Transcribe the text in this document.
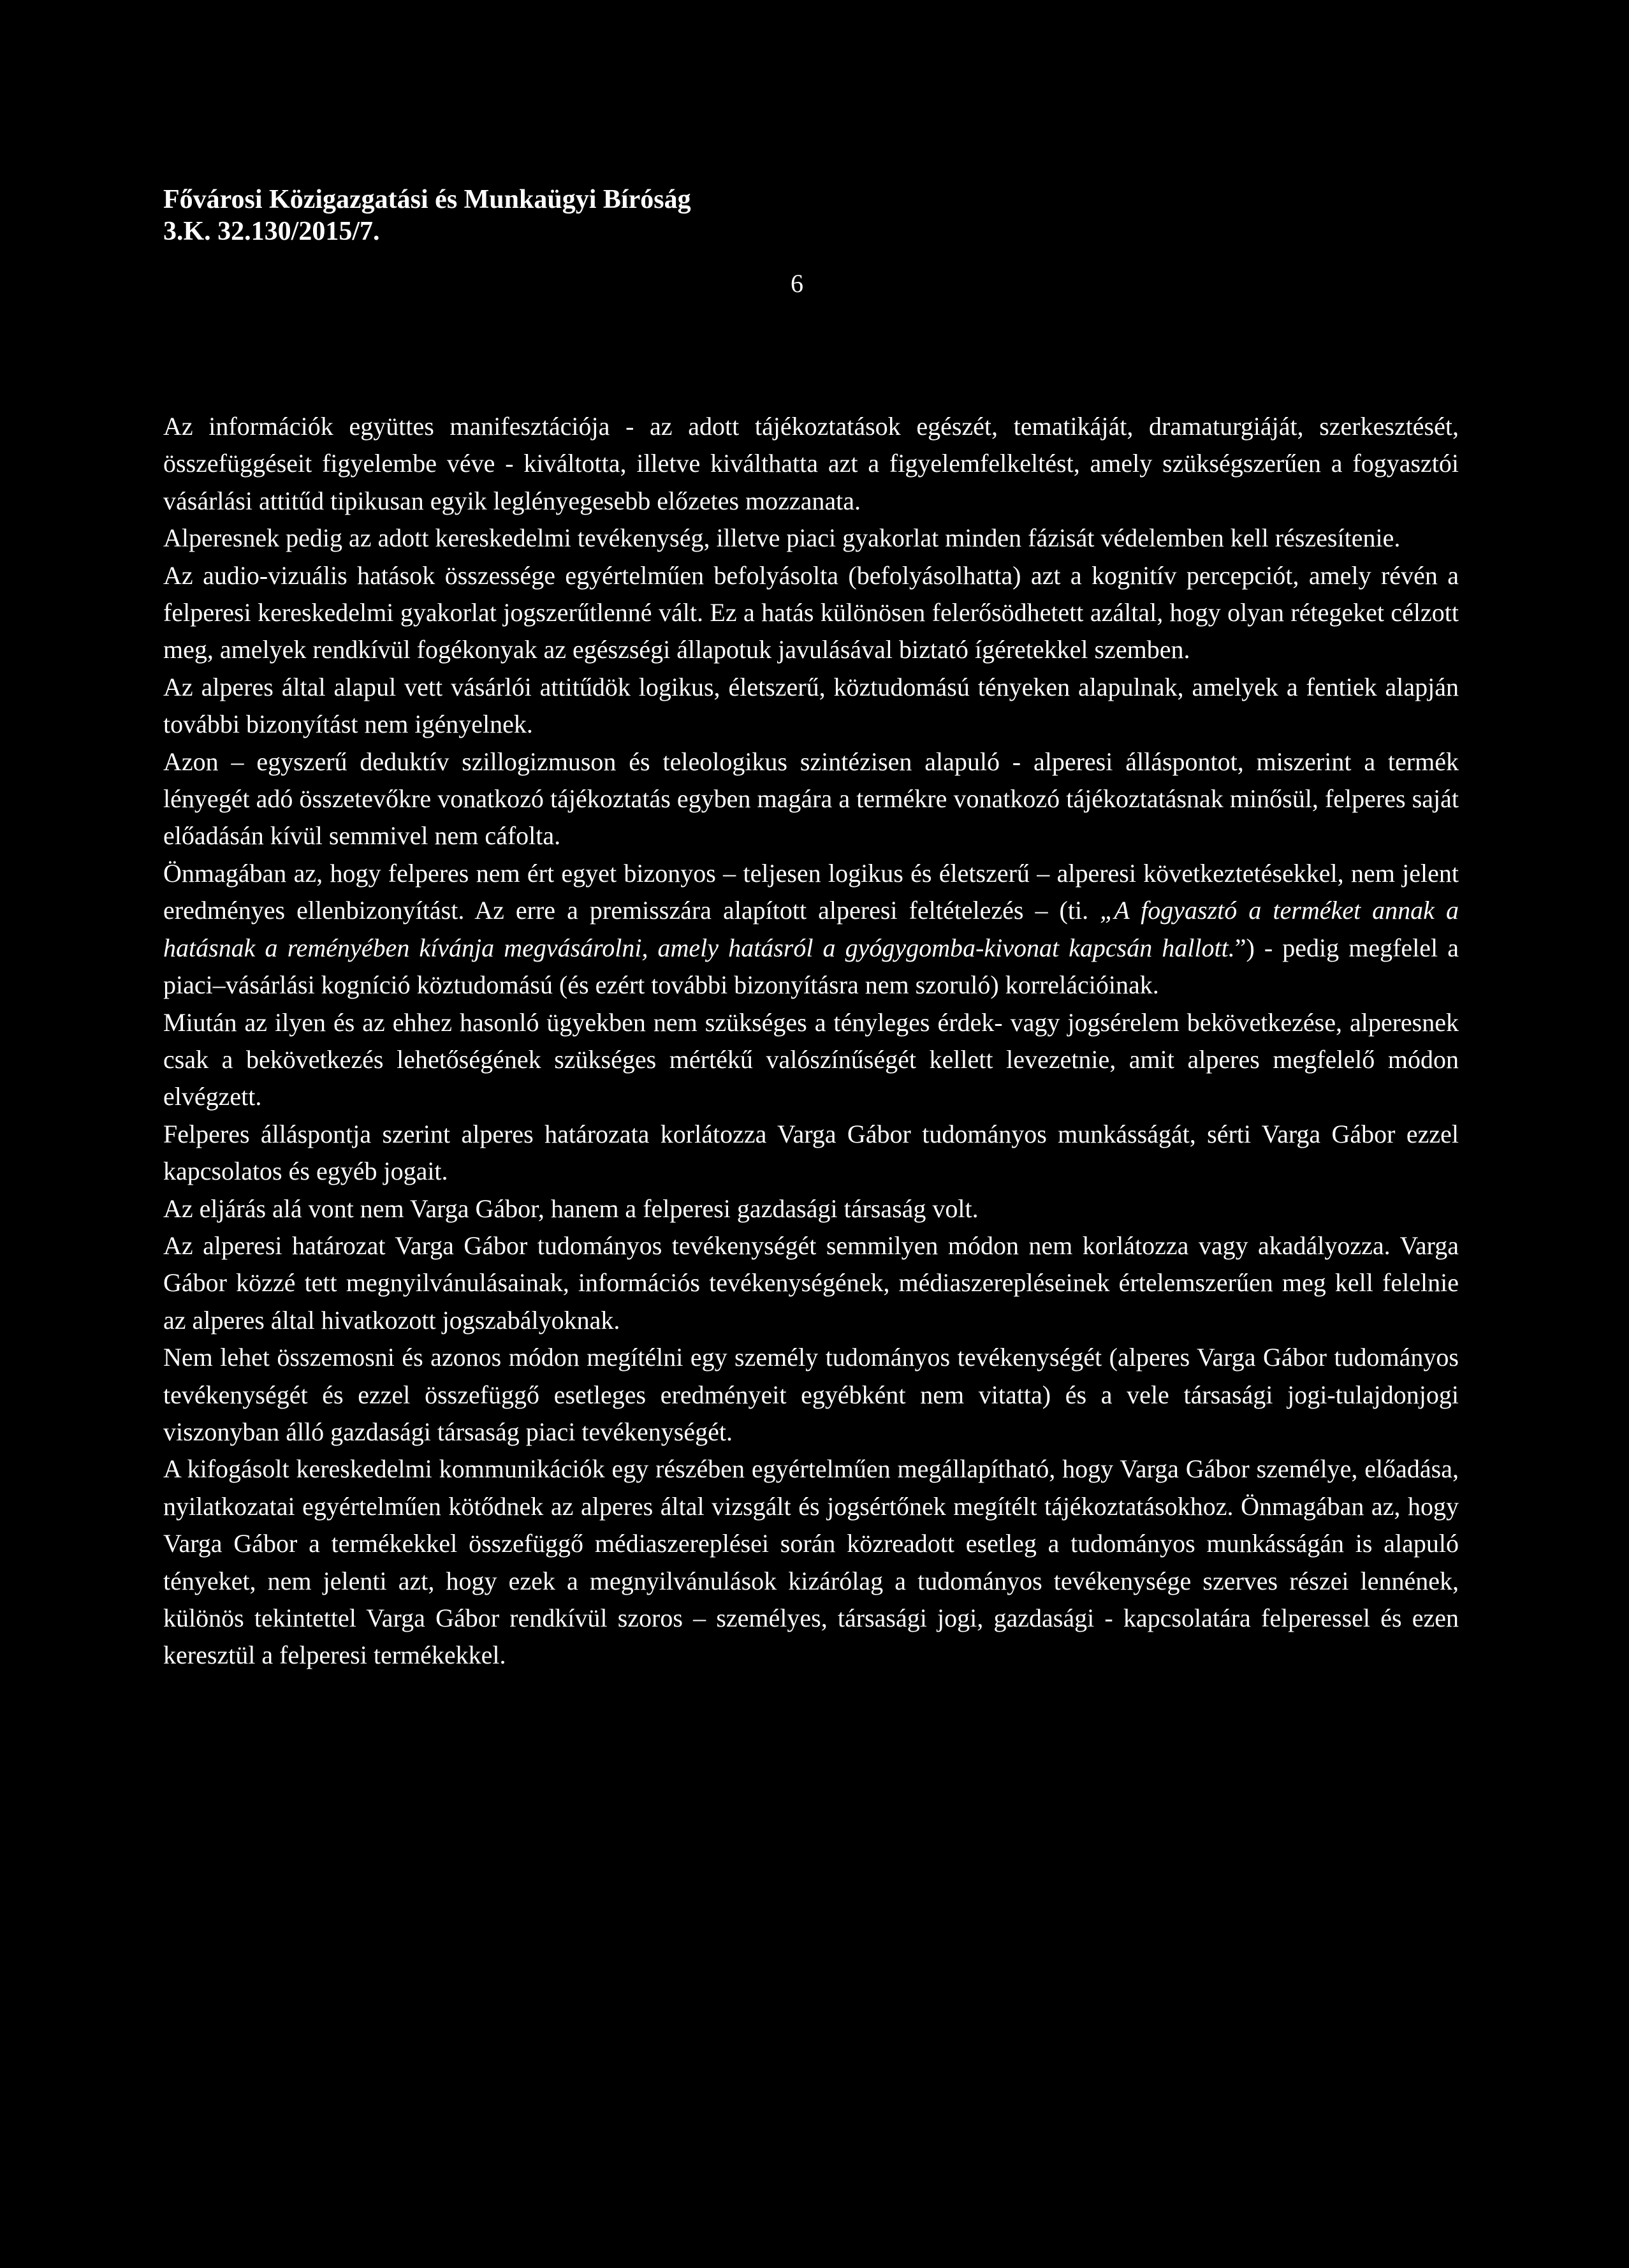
Fővárosi Közigazgatási és Munkaügyi Bíróság
3.K. 32.130/2015/7.
6

Az információk együttes manifesztációja - az adott tájékoztatások egészét, tematikáját, dramaturgiáját, szerkesztését, összefüggéseit figyelembe véve - kiváltotta, illetve kiválthatta azt a figyelemfelkeltést, amely szükségszerűen a fogyasztói vásárlási attitűd tipikusan egyik leglényegesebb előzetes mozzanata.

Alperesnek pedig az adott kereskedelmi tevékenység, illetve piaci gyakorlat minden fázisát védelemben kell részesítenie.

Az audio-vizuális hatások összessége egyértelműen befolyásolta (befolyásolhatta) azt a kognitív percepciót, amely révén a felperesi kereskedelmi gyakorlat jogszerűtlenné vált. Ez a hatás különösen felerősödhetett azáltal, hogy olyan rétegeket célzott meg, amelyek rendkívül fogékonyak az egészségi állapotuk javulásával biztató ígéretekkel szemben.

Az alperes által alapul vett vásárlói attitűdök logikus, életszerű, köztudomású tényeken alapulnak, amelyek a fentiek alapján további bizonyítást nem igényelnek.

Azon – egyszerű deduktív szillogizmuson és teleologikus szintézisen alapuló - alperesi álláspontot, miszerint a termék lényegét adó összetevőkre vonatkozó tájékoztatás egyben magára a termékre vonatkozó tájékoztatásnak minősül, felperes saját előadásán kívül semmivel nem cáfolta.

Önmagában az, hogy felperes nem ért egyet bizonyos – teljesen logikus és életszerű – alperesi következtetésekkel, nem jelent eredményes ellenbizonyítást. Az erre a premisszára alapított alperesi feltételezés – (ti. „A fogyasztó a terméket annak a hatásnak a reményében kívánja megvásárolni, amely hatásról a gyógygomba-kivonat kapcsán hallott.”) - pedig megfelel a piaci–vásárlási kogníció köztudomású (és ezért további bizonyításra nem szoruló) korrelációinak.

Miután az ilyen és az ehhez hasonló ügyekben nem szükséges a tényleges érdek- vagy jogsérelem bekövetkezése, alperesnek csak a bekövetkezés lehetőségének szükséges mértékű valószínűségét kellett levezetnie, amit alperes megfelelő módon elvégzett.

Felperes álláspontja szerint alperes határozata korlátozza Varga Gábor tudományos munkásságát, sérti Varga Gábor ezzel kapcsolatos és egyéb jogait.

Az eljárás alá vont nem Varga Gábor, hanem a felperesi gazdasági társaság volt.

Az alperesi határozat Varga Gábor tudományos tevékenységét semmilyen módon nem korlátozza vagy akadályozza. Varga Gábor közzé tett megnyilvánulásainak, információs tevékenységének, médiaszerepléseinek értelemszerűen meg kell felelnie az alperes által hivatkozott jogszabályoknak.

Nem lehet összemosni és azonos módon megítélni egy személy tudományos tevékenységét (alperes Varga Gábor tudományos tevékenységét és ezzel összefüggő esetleges eredményeit egyébként nem vitatta) és a vele társasági jogi-tulajdonjogi viszonyban álló gazdasági társaság piaci tevékenységét.

A kifogásolt kereskedelmi kommunikációk egy részében egyértelműen megállapítható, hogy Varga Gábor személye, előadása, nyilatkozatai egyértelműen kötődnek az alperes által vizsgált és jogsértőnek megítélt tájékoztatásokhoz. Önmagában az, hogy Varga Gábor a termékekkel összefüggő médiaszereplései során közreadott esetleg a tudományos munkásságán is alapuló tényeket, nem jelenti azt, hogy ezek a megnyilvánulások kizárólag a tudományos tevékenysége szerves részei lennének, különös tekintettel Varga Gábor rendkívül szoros – személyes, társasági jogi, gazdasági - kapcsolatára felperessel és ezen keresztül a felperesi termékekkel.
